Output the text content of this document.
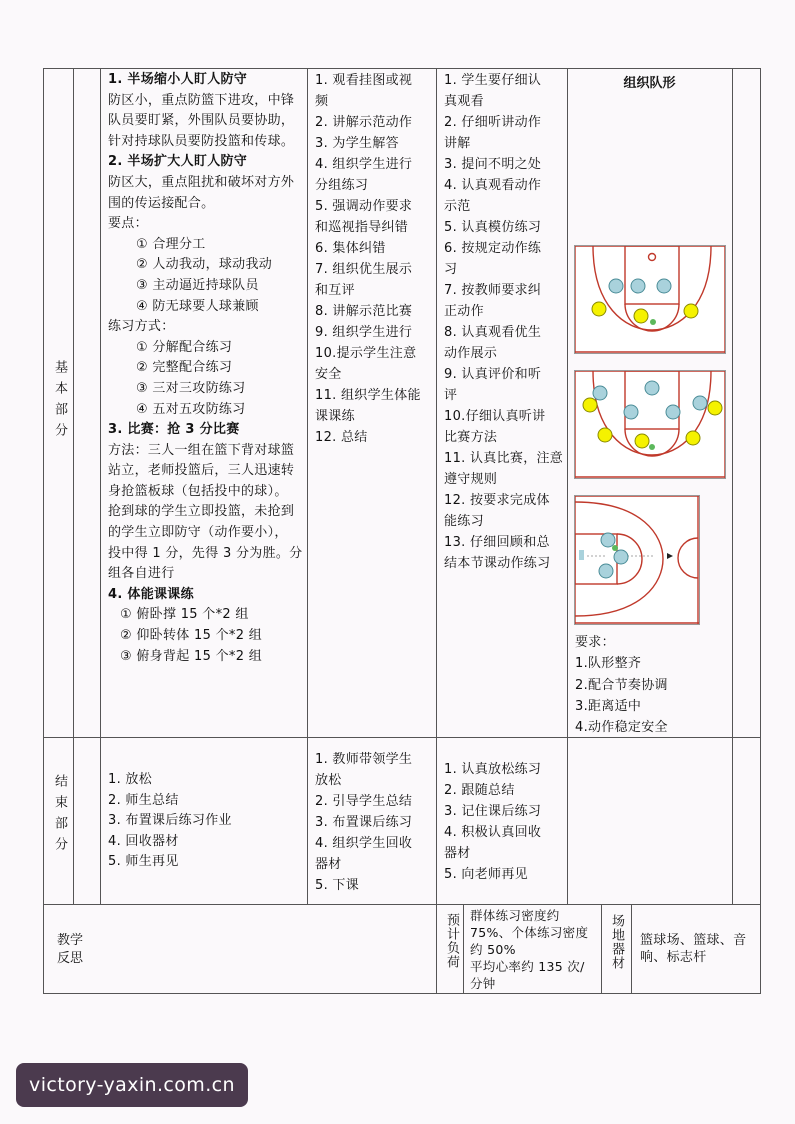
基本部分
结束部分
教学反思
1. 半场缩小人盯人防守
防区小，重点防篮下进攻，中锋
队员要盯紧，外围队员要协助，
针对持球队员要防投篮和传球。
2. 半场扩大人盯人防守
防区大，重点阻扰和破坏对方外
围的传运接配合。
要点：
① 合理分工
② 人动我动，球动我动
③ 主动逼近持球队员
④ 防无球要人球兼顾
练习方式：
① 分解配合练习
② 完整配合练习
③ 三对三攻防练习
④ 五对五攻防练习
3. 比赛：抢 3 分比赛
方法：三人一组在篮下背对球篮
站立，老师投篮后，三人迅速转
身抢篮板球（包括投中的球）。
抢到球的学生立即投篮，未抢到
的学生立即防守（动作要小），
投中得 1 分，先得 3 分为胜。分
组各自进行
4. 体能课课练
① 俯卧撑 15 个*2 组
② 仰卧转体 15 个*2 组
③ 俯身背起 15 个*2 组
1. 观看挂图或视
频
2. 讲解示范动作
3. 为学生解答
4. 组织学生进行
分组练习
5. 强调动作要求
和巡视指导纠错
6. 集体纠错
7. 组织优生展示
和互评
8. 讲解示范比赛
9. 组织学生进行
10.提示学生注意
安全
11. 组织学生体能
课课练
12. 总结
1. 学生要仔细认
真观看
2. 仔细听讲动作
讲解
3. 提问不明之处
4. 认真观看动作
示范
5. 认真模仿练习
6. 按规定动作练
习
7. 按教师要求纠
正动作
8. 认真观看优生
动作展示
9. 认真评价和听
评
10.仔细认真听讲
比赛方法
11. 认真比赛，注意
遵守规则
12. 按要求完成体
能练习
13. 仔细回顾和总
结本节课动作练习
组织队形
要求：
1.队形整齐
2.配合节奏协调
3.距离适中
4.动作稳定安全
1. 放松
2. 师生总结
3. 布置课后练习作业
4. 回收器材
5. 师生再见
1. 教师带领学生
放松
2. 引导学生总结
3. 布置课后练习
4. 组织学生回收
器材
5. 下课
1. 认真放松练习
2. 跟随总结
3. 记住课后练习
4. 积极认真回收
器材
5. 向老师再见
预计负荷 群体练习密度约
75%、个体练习密度
约 50%
平均心率约 135 次/
分钟
场地器材 篮球场、篮球、音
响、标志杆
victory-yaxin.com.cn
